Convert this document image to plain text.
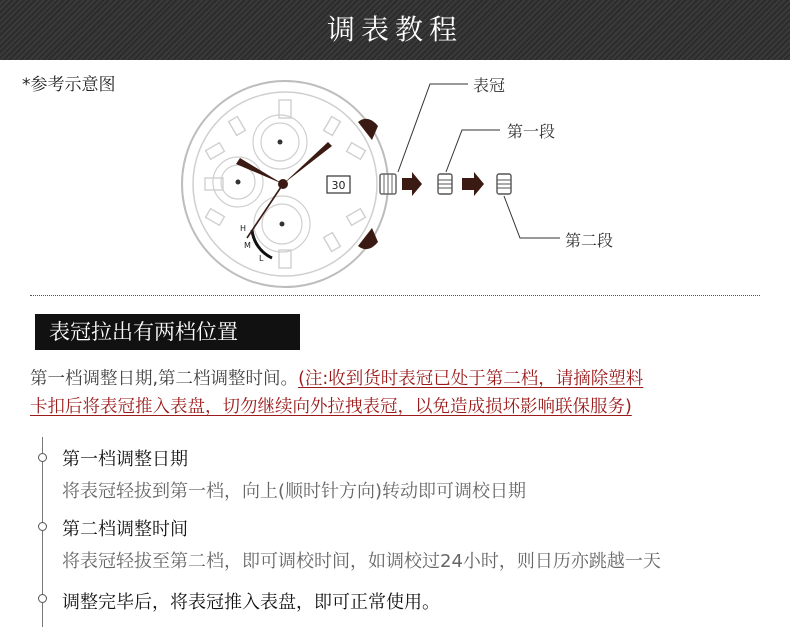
调表教程
*参考示意图
30
H
M
L
表冠
第一段
第二段
表冠拉出有两档位置
第一档调整日期,第二档调整时间。(注:收到货时表冠已处于第二档，请摘除塑料
卡扣后将表冠推入表盘，切勿继续向外拉拽表冠，以免造成损坏影响联保服务)
第一档调整日期
将表冠轻拔到第一档，向上(顺时针方向)转动即可调校日期
第二档调整时间
将表冠轻拔至第二档，即可调校时间，如调校过24小时，则日历亦跳越一天
调整完毕后，将表冠推入表盘，即可正常使用。
